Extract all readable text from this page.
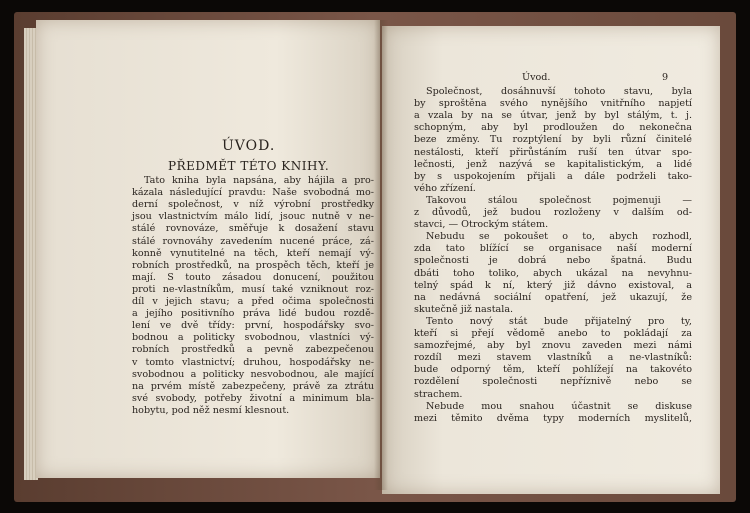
ÚVOD.
PŘEDMĚT TÉTO KNIHY.
Tato kniha byla napsána, aby hájila a pro-
kázala následující pravdu: Naše svobodná mo-
derní společnost, v níž výrobní prostředky
jsou vlastnictvím málo lidí, jsouc nutně v ne-
stálé rovnováze, směřuje k dosažení stavu
stálé rovnováhy zavedením nucené práce, zá-
konně vynutitelné na těch, kteří nemají vý-
robních prostředků, na prospěch těch, kteří je
mají. S touto zásadou donucení, použitou
proti ne-vlastníkům, musí také vzniknout roz-
díl v jejich stavu; a před očima společnosti
a jejího positivního práva lidé budou rozdě-
lení ve dvě třídy: první, hospodářsky svo-
bodnou a politicky svobodnou, vlastníci vý-
robních prostředků a pevně zabezpečenou
v tomto vlastnictví; druhou, hospodářsky ne-
svobodnou a politicky nesvobodnou, ale mající
na prvém místě zabezpečeny, právě za ztrátu
své svobody, potřeby životní a minimum bla-
hobytu, pod něž nesmí klesnout.
Úvod.	9
Společnost, dosáhnuvší tohoto stavu, byla
by sproštěna svého nynějšího vnitřního napjetí
a vzala by na se útvar, jenž by byl stálým, t. j.
schopným, aby byl prodloužen do nekonečna
beze změny. Tu rozptýlení by byli různí činitelé
nestálosti, kteří přirůstáním ruší ten útvar spo-
lečnosti, jenž nazývá se kapitalistickým, a lidé
by s uspokojením přijali a dále podrželi tako-
vého zřízení.
Takovou stálou společnost pojmenuji —
z důvodů, jež budou rozloženy v dalším od-
stavci, — Otrockým státem.
Nebudu se pokoušet o to, abych rozhodl,
zda tato blížící se organisace naší moderní
společnosti je dobrá nebo špatná. Budu
dbáti toho toliko, abych ukázal na nevyhnu-
telný spád k ní, který již dávno existoval, a
na nedávná sociální opatření, jež ukazují, že
skutečně již nastala.
Tento nový stát bude přijatelný pro ty,
kteří si přejí vědomě anebo to pokládají za
samozřejmé, aby byl znovu zaveden mezi námi
rozdíl mezi stavem vlastníků a ne-vlastníků:
bude odporný těm, kteří pohlížejí na takovéto
rozdělení společnosti nepříznivě nebo se
strachem.
Nebude mou snahou účastnit se diskuse
mezi těmito dvěma typy moderních myslitelů,
